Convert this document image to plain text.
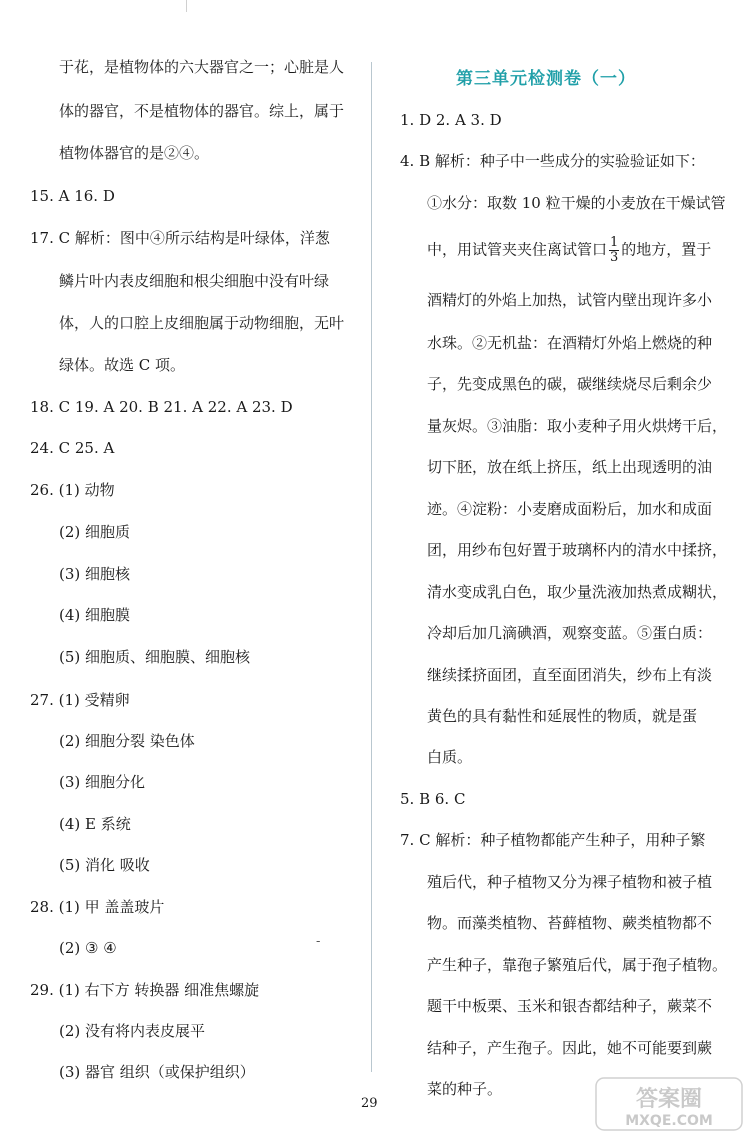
于花，是植物体的六大器官之一；心脏是人
体的器官，不是植物体的器官。综上，属于
植物体器官的是②④。
15. A 16. D
17. C 解析：图中④所示结构是叶绿体，洋葱
鳞片叶内表皮细胞和根尖细胞中没有叶绿
体，人的口腔上皮细胞属于动物细胞，无叶
绿体。故选 C 项。
18. C 19. A 20. B 21. A 22. A 23. D
24. C 25. A
26. (1) 动物
(2) 细胞质
(3) 细胞核
(4) 细胞膜
(5) 细胞质、细胞膜、细胞核
27. (1) 受精卵
(2) 细胞分裂 染色体
(3) 细胞分化
(4) E 系统
(5) 消化 吸收
28. (1) 甲 盖盖玻片
(2) ③ ④
29. (1) 右下方 转换器 细准焦螺旋
(2) 没有将内表皮展平
(3) 器官 组织（或保护组织）
-
第三单元检测卷（一）
1. D 2. A 3. D
4. B 解析：种子中一些成分的实验验证如下：
①水分：取数 10 粒干燥的小麦放在干燥试管
中，用试管夹夹住离试管口 $\frac{1}{3}$ 的地方，置于
酒精灯的外焰上加热，试管内壁出现许多小
水珠。②无机盐：在酒精灯外焰上燃烧的种
子，先变成黑色的碳，碳继续烧尽后剩余少
量灰烬。③油脂：取小麦种子用火烘烤干后，
切下胚，放在纸上挤压，纸上出现透明的油
迹。④淀粉：小麦磨成面粉后，加水和成面
团，用纱布包好置于玻璃杯内的清水中揉挤，
清水变成乳白色，取少量洗液加热煮成糊状，
冷却后加几滴碘酒，观察变蓝。⑤蛋白质：
继续揉挤面团，直至面团消失，纱布上有淡
黄色的具有黏性和延展性的物质，就是蛋
白质。
5. B 6. C
7. C 解析：种子植物都能产生种子，用种子繁
殖后代，种子植物又分为裸子植物和被子植
物。而藻类植物、苔藓植物、蕨类植物都不
产生种子，靠孢子繁殖后代，属于孢子植物。
题干中板栗、玉米和银杏都结种子，蕨菜不
结种子，产生孢子。因此，她不可能要到蕨
菜的种子。
29	答案圈
MXQE.COM
